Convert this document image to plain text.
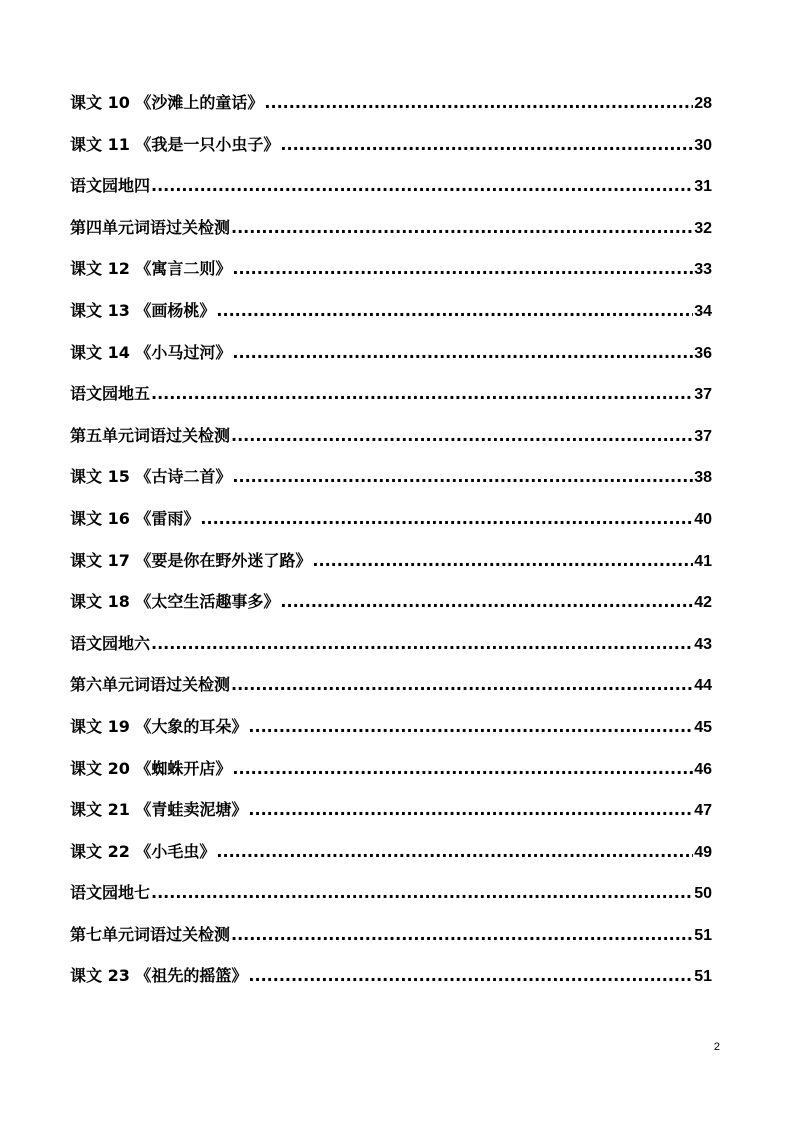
课文 10 《沙滩上的童话》 .....	28
课文 11 《我是一只小虫子》 .....	30
语文园地四 .....	31
第四单元词语过关检测 .....	32
课文 12 《寓言二则》 .....	33
课文 13 《画杨桃》 .....	34
课文 14 《小马过河》 .....	36
语文园地五 .....	37
第五单元词语过关检测 .....	37
课文 15 《古诗二首》 .....	38
课文 16 《雷雨》 .....	40
课文 17 《要是你在野外迷了路》 .....	41
课文 18 《太空生活趣事多》 .....	42
语文园地六 .....	43
第六单元词语过关检测 .....	44
课文 19 《大象的耳朵》 .....	45
课文 20 《蜘蛛开店》 .....	46
课文 21 《青蛙卖泥塘》 .....	47
课文 22 《小毛虫》 .....	49
语文园地七 .....	50
第七单元词语过关检测 .....	51
课文 23 《祖先的摇篮》 .....	51
2
